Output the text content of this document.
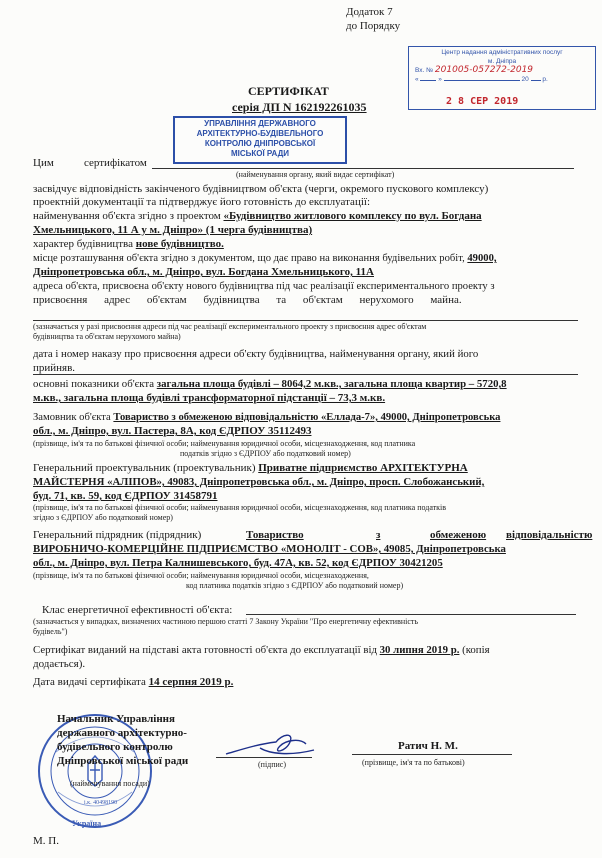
Додаток 7
до Порядку
Центр надання адміністративних послуг
м. Дніпра
Вх. № 201005-057272-2019
«	»	20 р.
2 8 СЕР 2019
СЕРТИФІКАТ
серія ДП N 162192261035
УПРАВЛІННЯ ДЕРЖАВНОГО
АРХІТЕКТУРНО-БУДІВЕЛЬНОГО
КОНТРОЛЮ ДНІПРОВСЬКОЇ
МІСЬКОЇ РАДИ
Цим	сертифікатом
(найменування органу, який видає сертифікат)
засвідчує відповідність закінченого будівництвом об'єкта (черги, окремого пускового комплексу)
проектній документації та підтверджує його готовність до експлуатації:
найменування об'єкта згідно з проектом «Будівництво житлового комплексу по вул. Богдана
Хмельницького, 11 А у м. Дніпро» (1 черга будівництва)
характер будівництва нове будівництво.
місце розташування об'єкта згідно з документом, що дає право на виконання будівельних робіт, 49000,
Дніпропетровська обл., м. Дніпро, вул. Богдана Хмельницького, 11А
адреса об'єкта, присвоєна об'єкту нового будівництва під час реалізації експериментального проекту з
присвоєння адрес об'єктам будівництва та об'єктам нерухомого майна.
(зазначається у разі присвоєння адреси під час реалізації експериментального проекту з присвоєння адрес об'єктам
будівництва та об'єктам нерухомого майна)
дата і номер наказу про присвоєння адреси об'єкту будівництва, найменування органу, який його
прийняв.
основні показники об'єкта загальна площа будівлі – 8064,2 м.кв., загальна площа квартир – 5720,8
м.кв., загальна площа будівлі трансформаторної підстанції – 73,3 м.кв.
Замовник об'єкта Товариство з обмеженою відповідальністю «Еллада-7», 49000, Дніпропетровська
обл., м. Дніпро, вул. Пастера, 8А, код ЄДРПОУ 35112493
(прізвище, ім'я та по батькові фізичної особи; найменування юридичної особи, місцезнаходження, код платника
податків згідно з ЄДРПОУ або податковий номер)
Генеральний проектувальник (проектувальник) Приватне підприємство АРХІТЕКТУРНА
МАЙСТЕРНЯ «АЛІПОВ», 49083, Дніпропетровська обл., м. Дніпро, просп. Слобожанський,
буд. 71, кв. 59, код ЄДРПОУ 31458791
(прізвище, ім'я та по батькові фізичної особи; найменування юридичної особи, місцезнаходження, код платника податків
згідно з ЄДРПОУ або податковий номер)
Генеральний підрядник (підрядник)	Товариство	з	обмеженою відповідальністю
ВИРОБНИЧО-КОМЕРЦІЙНЕ ПІДПРИЄМСТВО «МОНОЛІТ - СОВ», 49085, Дніпропетровська
обл., м. Дніпро, вул. Петра Калнишевського, буд. 47А, кв. 52, код ЄДРПОУ 30421205
(прізвище, ім'я та по батькові фізичної особи; найменування юридичної особи, місцезнаходження,
код платника податків згідно з ЄДРПОУ або податковий номер)
Клас енергетичної ефективності об'єкта:
(зазначається у випадках, визначених частиною першою статті 7 Закону України "Про енергетичну ефективність
будівель")
Сертифікат виданий на підставі акта готовності об'єкта до експлуатації від 30 липня 2019 р. (копія
додається).
Дата видачі сертифіката 14 серпня 2019 р.
Україна
і.к. 40498190
Начальник Управління
державного архітектурно-
будівельного контролю
Дніпровської міської ради
(найменування посади)
(підпис)
Ратич Н. М.
(прізвище, ім'я та по батькові)
М. П.
